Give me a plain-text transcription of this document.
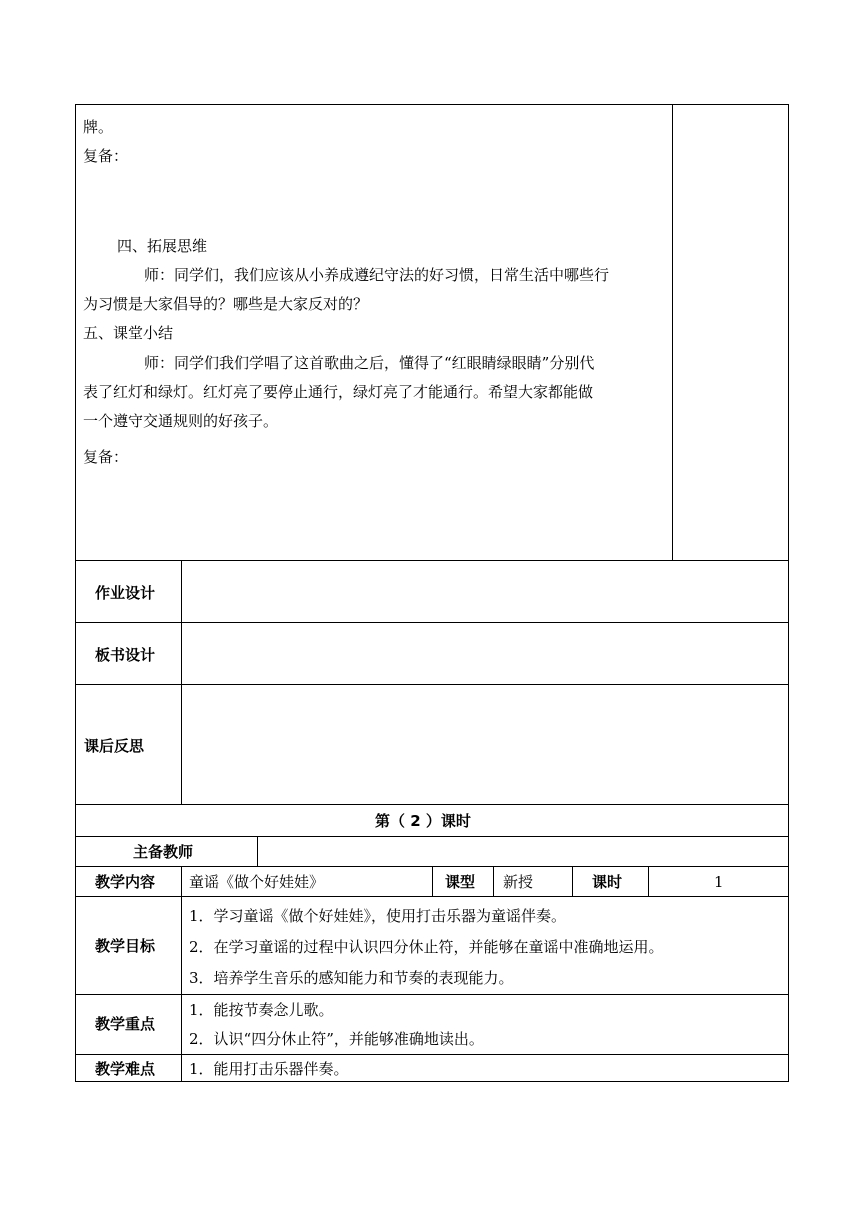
牌。
复备：
四、拓展思维
师：同学们，我们应该从小养成遵纪守法的好习惯，日常生活中哪些行
为习惯是大家倡导的？哪些是大家反对的？
五、课堂小结
师：同学们我们学唱了这首歌曲之后，懂得了“红眼睛绿眼睛”分别代
表了红灯和绿灯。红灯亮了要停止通行，绿灯亮了才能通行。希望大家都能做
一个遵守交通规则的好孩子。
复备：
作业设计
板书设计
课后反思
第（ 2 ）课时
主备教师
教学内容 童谣《做个好娃娃》	课型 新授	课时	1
教学目标
1．学习童谣《做个好娃娃》，使用打击乐器为童谣伴奏。
2．在学习童谣的过程中认识四分休止符，并能够在童谣中准确地运用。
3．培养学生音乐的感知能力和节奏的表现能力。
教学重点
1．能按节奏念儿歌。
2．认识“四分休止符”，并能够准确地读出。
教学难点 1．能用打击乐器伴奏。
